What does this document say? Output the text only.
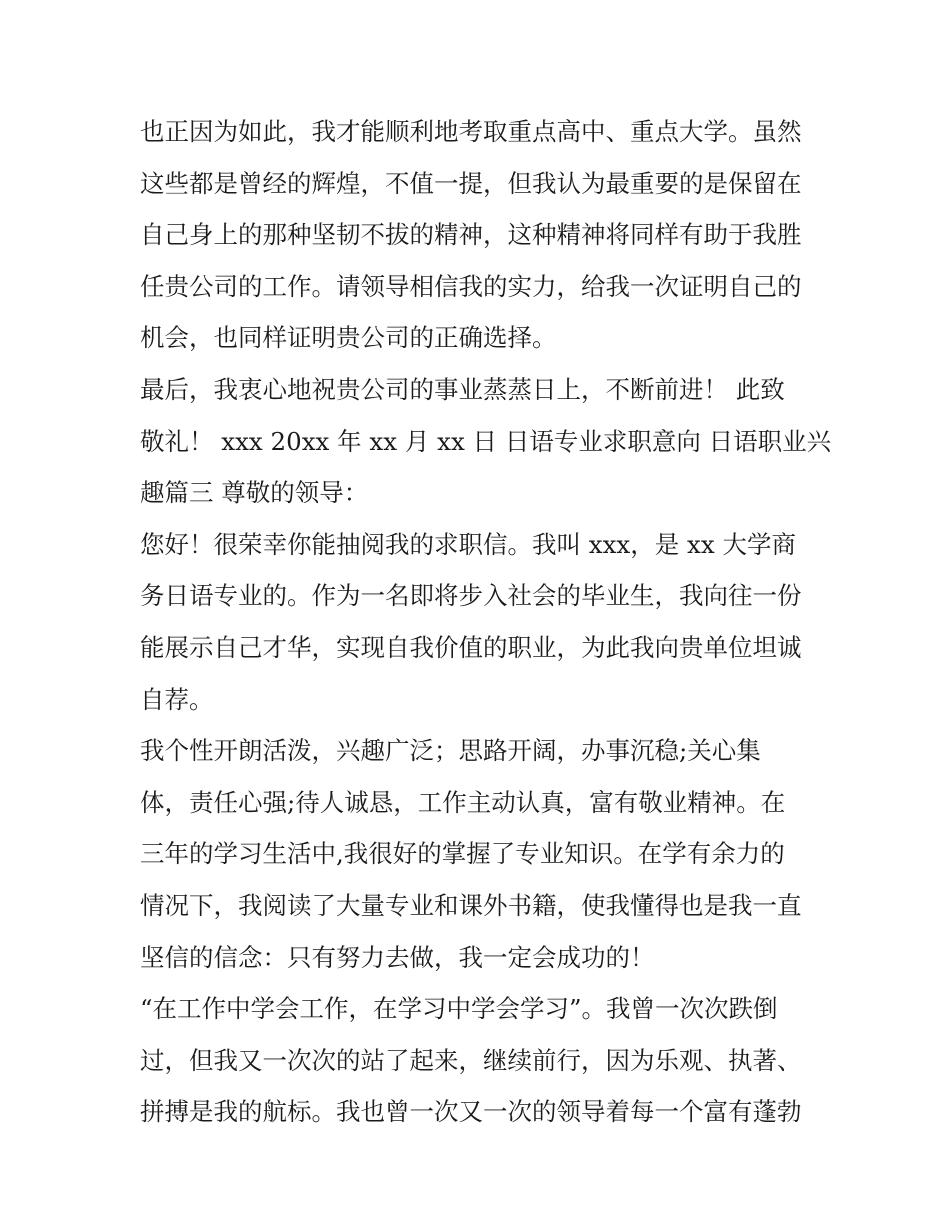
也正因为如此，我才能顺利地考取重点高中、重点大学。虽然
这些都是曾经的辉煌，不值一提，但我认为最重要的是保留在
自己身上的那种坚韧不拔的精神，这种精神将同样有助于我胜
任贵公司的工作。请领导相信我的实力，给我一次证明自己的
机会，也同样证明贵公司的正确选择。
最后，我衷心地祝贵公司的事业蒸蒸日上，不断前进！ 此致
敬礼！ xxx 20xx 年 xx 月 xx 日 日语专业求职意向 日语职业兴
趣篇三 尊敬的领导：
您好！很荣幸你能抽阅我的求职信。我叫 xxx，是 xx 大学商
务日语专业的。作为一名即将步入社会的毕业生，我向往一份
能展示自己才华，实现自我价值的职业，为此我向贵单位坦诚
自荐。
我个性开朗活泼，兴趣广泛；思路开阔，办事沉稳;关心集
体，责任心强;待人诚恳，工作主动认真，富有敬业精神。在
三年的学习生活中,我很好的掌握了专业知识。在学有余力的
情况下，我阅读了大量专业和课外书籍，使我懂得也是我一直
坚信的信念：只有努力去做，我一定会成功的！
“在工作中学会工作，在学习中学会学习”。我曾一次次跌倒
过，但我又一次次的站了起来，继续前行，因为乐观、执著、
拼搏是我的航标。我也曾一次又一次的领导着每一个富有蓬勃
